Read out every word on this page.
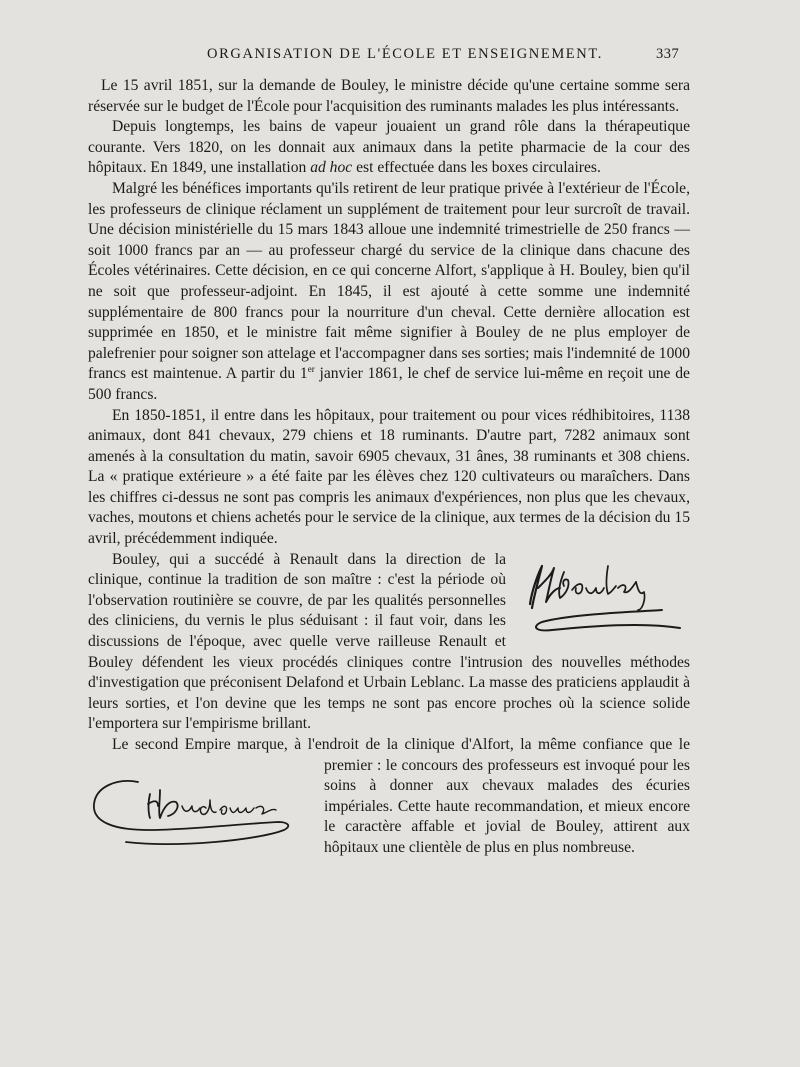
ORGANISATION DE L'ÉCOLE ET ENSEIGNEMENT.	337

Le 15 avril 1851, sur la demande de Bouley, le ministre décide qu'une certaine somme sera réservée sur le budget de l'École pour l'acquisition des ruminants malades les plus intéressants.

Depuis longtemps, les bains de vapeur jouaient un grand rôle dans la thérapeutique courante. Vers 1820, on les donnait aux animaux dans la petite pharmacie de la cour des hôpitaux. En 1849, une installation ad hoc est effectuée dans les boxes circulaires.

Malgré les bénéfices importants qu'ils retirent de leur pratique privée à l'extérieur de l'École, les professeurs de clinique réclament un supplément de traitement pour leur surcroît de travail. Une décision ministérielle du 15 mars 1843 alloue une indemnité trimestrielle de 250 francs — soit 1000 francs par an — au professeur chargé du service de la clinique dans chacune des Écoles vétérinaires. Cette décision, en ce qui concerne Alfort, s'applique à H. Bouley, bien qu'il ne soit que professeur-adjoint. En 1845, il est ajouté à cette somme une indemnité supplémentaire de 800 francs pour la nourriture d'un cheval. Cette dernière allocation est supprimée en 1850, et le ministre fait même signifier à Bouley de ne plus employer de palefrenier pour soigner son attelage et l'accompagner dans ses sorties; mais l'indemnité de 1000 francs est maintenue. A partir du 1er janvier 1861, le chef de service lui-même en reçoit une de 500 francs.

En 1850-1851, il entre dans les hôpitaux, pour traitement ou pour vices rédhibitoires, 1138 animaux, dont 841 chevaux, 279 chiens et 18 ruminants. D'autre part, 7282 animaux sont amenés à la consultation du matin, savoir 6905 chevaux, 31 ânes, 38 ruminants et 308 chiens. La « pratique extérieure » a été faite par les élèves chez 120 cultivateurs ou maraîchers. Dans les chiffres ci-dessus ne sont pas compris les animaux d'expériences, non plus que les chevaux, vaches, moutons et chiens achetés pour le service de la clinique, aux termes de la décision du 15 avril, précédemment indiquée.

Bouley, qui a succédé à Renault dans la direction de la clinique, continue la tradition de son maître : c'est la période où l'observation routinière se couvre, de par les qualités personnelles des cliniciens, du vernis le plus séduisant : il faut voir, dans les discussions de l'époque, avec quelle verve railleuse Renault et Bouley défendent les vieux procédés cliniques contre l'intrusion des nouvelles méthodes d'investigation que préconisent Delafond et Urbain Leblanc. La masse des praticiens applaudit à leurs sorties, et l'on devine que les temps ne sont pas encore proches où la science solide l'emportera sur l'empirisme brillant.

Le second Empire marque, à l'endroit de la clinique d'Alfort, la même confiance que le premier : le concours des professeurs est invoqué pour les soins à donner aux chevaux malades des écuries impériales. Cette haute recommandation, et mieux encore le caractère affable et jovial de Bouley, attirent aux hôpitaux une clientèle de plus en plus nombreuse.
